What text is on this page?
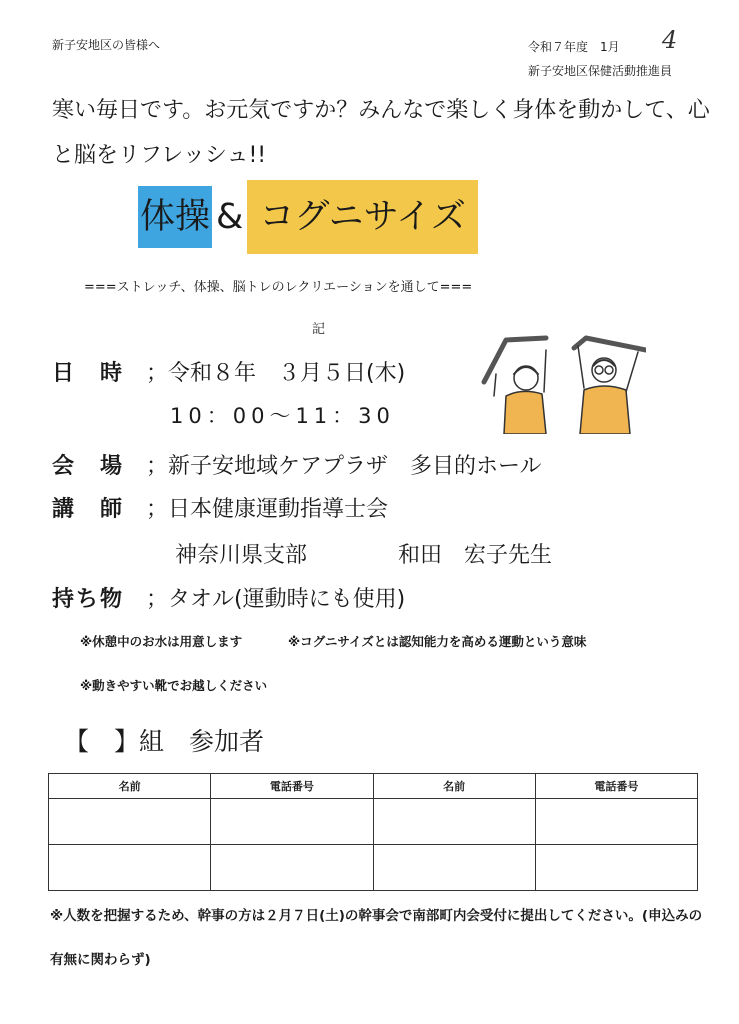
新子安地区の皆様へ	令和７年度　1月
新子安地区保健活動推進員
4
寒い毎日です。お元気ですか？みんなで楽しく身体を動かして、心と脳をリフレッシュ!!
体操 & コグニサイズ
===ストレッチ、体操、脳トレのレクリエーションを通して===
記
日　時 ；令和８年　３月５日(木)
10：00～11：30
会　場 ；新子安地域ケアプラザ　多目的ホール
講　師 ；日本健康運動指導士会
神奈川県支部	和田　宏子先生
持ち物 ；タオル(運動時にも使用)
※休憩中のお水は用意します	※コグニサイズとは認知能力を高める運動という意味
※動きやすい靴でお越しください
【　】組　参加者
名前	電話番号	名前	電話番号

※人数を把握するため、幹事の方は２月７日(土)の幹事会で南部町内会受付に提出してください。(申込みの有無に関わらず)
